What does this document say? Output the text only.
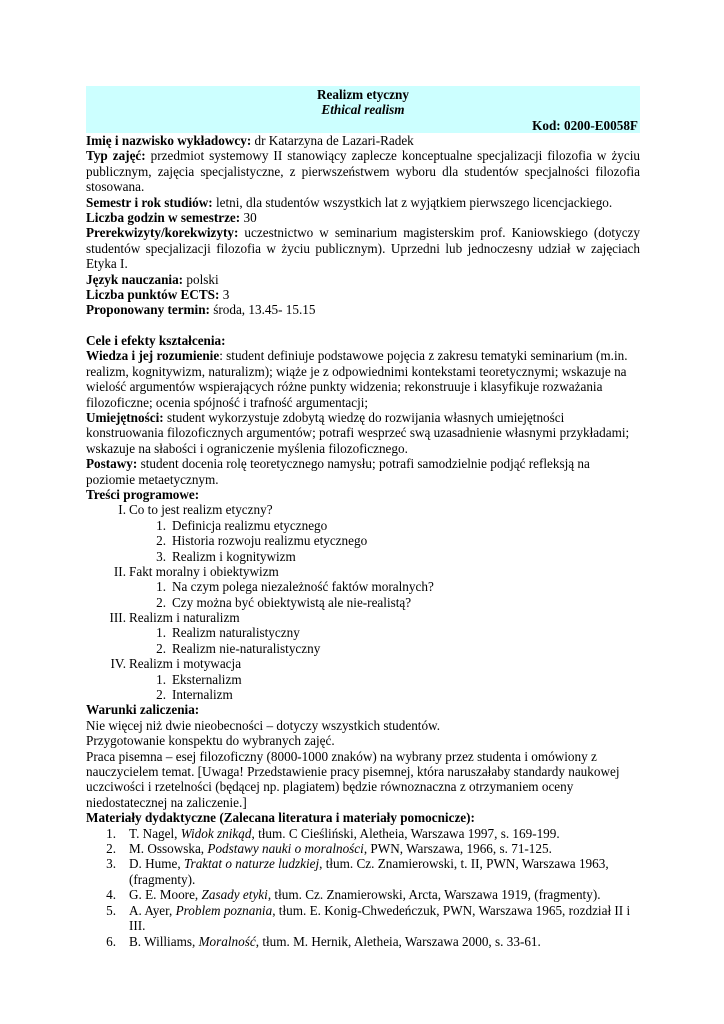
Realizm etyczny
Ethical realism
Kod: 0200-E0058F
Imię i nazwisko wykładowcy: dr Katarzyna de Lazari-Radek
Typ zajęć: przedmiot systemowy II stanowiący zaplecze konceptualne specjalizacji filozofia w życiu publicznym, zajęcia specjalistyczne, z pierwszeństwem wyboru dla studentów specjalności filozofia stosowana.
Semestr i rok studiów: letni, dla studentów wszystkich lat z wyjątkiem pierwszego licencjackiego.
Liczba godzin w semestrze: 30
Prerekwizyty/korekwizyty: uczestnictwo w seminarium magisterskim prof. Kaniowskiego (dotyczy studentów specjalizacji filozofia w życiu publicznym). Uprzedni lub jednoczesny udział w zajęciach Etyka I.
Język nauczania: polski
Liczba punktów ECTS: 3
Proponowany termin: środa, 13.45- 15.15
Cele i efekty kształcenia:
Wiedza i jej rozumienie: student definiuje podstawowe pojęcia z zakresu tematyki seminarium (m.in. realizm, kognitywizm, naturalizm); wiąże je z odpowiednimi kontekstami teoretycznymi; wskazuje na wielość argumentów wspierających różne punkty widzenia; rekonstruuje i klasyfikuje rozważania filozoficzne; ocenia spójność i trafność argumentacji;
Umiejętności: student wykorzystuje zdobytą wiedzę do rozwijania własnych umiejętności konstruowania filozoficznych argumentów; potrafi wesprzeć swą uzasadnienie własnymi przykładami; wskazuje na słabości i ograniczenie myślenia filozoficznego.
Postawy: student docenia rolę teoretycznego namysłu; potrafi samodzielnie podjąć refleksją na poziomie metaetycznym.
Treści programowe:
I. Co to jest realizm etyczny?
1. Definicja realizmu etycznego
2. Historia rozwoju realizmu etycznego
3. Realizm i kognitywizm
II. Fakt moralny i obiektywizm
1. Na czym polega niezależność faktów moralnych?
2. Czy można być obiektywistą ale nie-realistą?
III. Realizm i naturalizm
1. Realizm naturalistyczny
2. Realizm nie-naturalistyczny
IV. Realizm i motywacja
1. Eksternalizm
2. Internalizm
Warunki zaliczenia:
Nie więcej niż dwie nieobecności – dotyczy wszystkich studentów.
Przygotowanie konspektu do wybranych zajęć.
Praca pisemna – esej filozoficzny (8000-1000 znaków) na wybrany przez studenta i omówiony z nauczycielem temat. [Uwaga! Przedstawienie pracy pisemnej, która naruszałaby standardy naukowej uczciwości i rzetelności (będącej np. plagiatem) będzie równoznaczna z otrzymaniem oceny niedostatecznej na zaliczenie.]
Materiały dydaktyczne (Zalecana literatura i materiały pomocnicze):
1. T. Nagel, Widok znikąd, tłum. C Cieśliński, Aletheia, Warszawa 1997, s. 169-199.
2. M. Ossowska, Podstawy nauki o moralności, PWN, Warszawa, 1966, s. 71-125.
3. D. Hume, Traktat o naturze ludzkiej, tłum. Cz. Znamierowski, t. II, PWN, Warszawa 1963, (fragmenty).
4. G. E. Moore, Zasady etyki, tłum. Cz. Znamierowski, Arcta, Warszawa 1919, (fragmenty).
5. A. Ayer, Problem poznania, tłum. E. Konig-Chwedeńczuk, PWN, Warszawa 1965, rozdział II i III.
6. B. Williams, Moralność, tłum. M. Hernik, Aletheia, Warszawa 2000, s. 33-61.
